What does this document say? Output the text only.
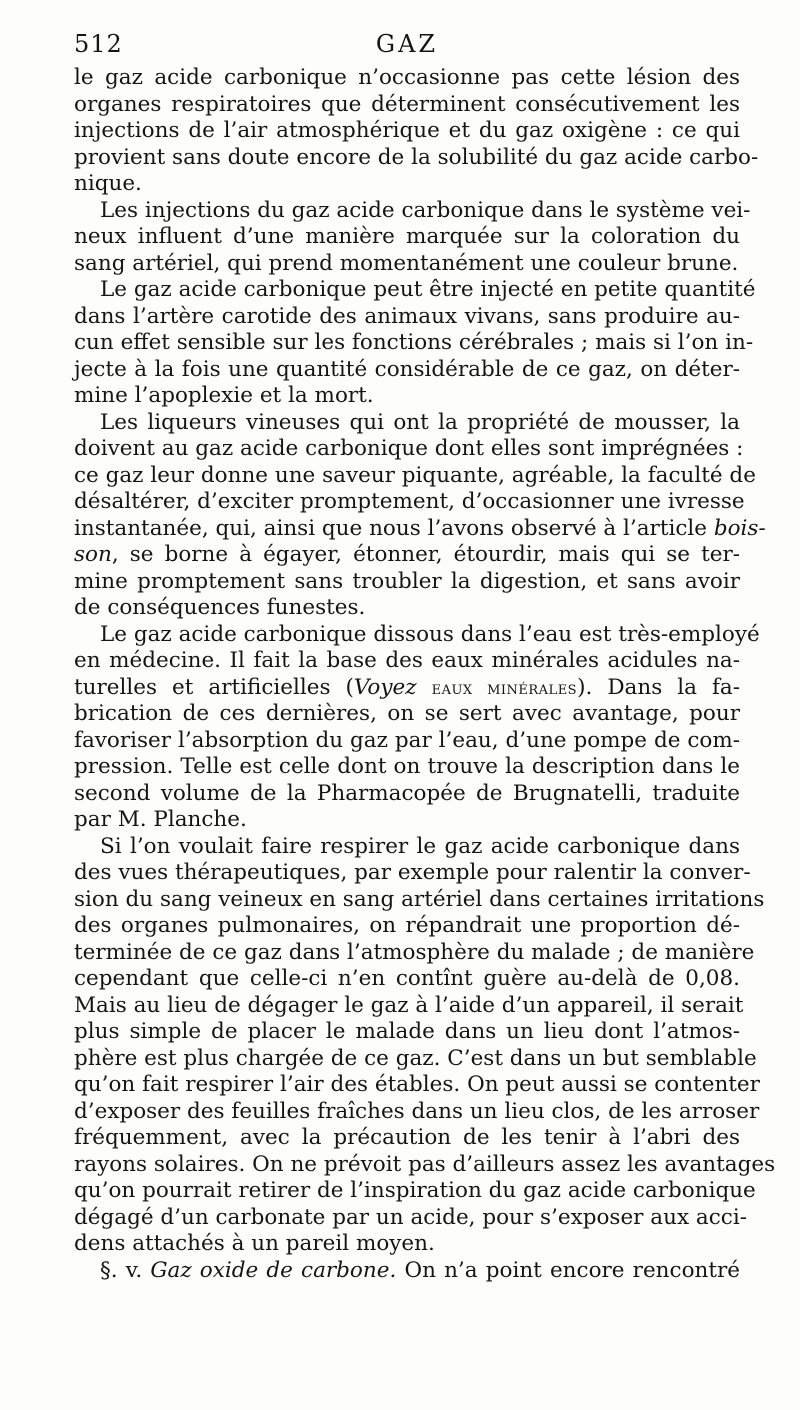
512	GAZ
le gaz acide carbonique n’occasionne pas cette lésion des
organes respiratoires que déterminent consécutivement les
injections de l’air atmosphérique et du gaz oxigène : ce qui
provient sans doute encore de la solubilité du gaz acide carbo-
nique.
Les injections du gaz acide carbonique dans le système vei-
neux influent d’une manière marquée sur la coloration du
sang artériel, qui prend momentanément une couleur brune.
Le gaz acide carbonique peut être injecté en petite quantité
dans l’artère carotide des animaux vivans, sans produire au-
cun effet sensible sur les fonctions cérébrales ; mais si l’on in-
jecte à la fois une quantité considérable de ce gaz, on déter-
mine l’apoplexie et la mort.
Les liqueurs vineuses qui ont la propriété de mousser, la
doivent au gaz acide carbonique dont elles sont imprégnées :
ce gaz leur donne une saveur piquante, agréable, la faculté de
désaltérer, d’exciter promptement, d’occasionner une ivresse
instantanée, qui, ainsi que nous l’avons observé à l’article bois-
son, se borne à égayer, étonner, étourdir, mais qui se ter-
mine promptement sans troubler la digestion, et sans avoir
de conséquences funestes.
Le gaz acide carbonique dissous dans l’eau est très-employé
en médecine. Il fait la base des eaux minérales acidules na-
turelles et artificielles (Voyez eaux minérales). Dans la fa-
brication de ces dernières, on se sert avec avantage, pour
favoriser l’absorption du gaz par l’eau, d’une pompe de com-
pression. Telle est celle dont on trouve la description dans le
second volume de la Pharmacopée de Brugnatelli, traduite
par M. Planche.
Si l’on voulait faire respirer le gaz acide carbonique dans
des vues thérapeutiques, par exemple pour ralentir la conver-
sion du sang veineux en sang artériel dans certaines irritations
des organes pulmonaires, on répandrait une proportion dé-
terminée de ce gaz dans l’atmosphère du malade ; de manière
cependant que celle-ci n’en contînt guère au-delà de 0,08.
Mais au lieu de dégager le gaz à l’aide d’un appareil, il serait
plus simple de placer le malade dans un lieu dont l’atmos-
phère est plus chargée de ce gaz. C’est dans un but semblable
qu’on fait respirer l’air des étables. On peut aussi se contenter
d’exposer des feuilles fraîches dans un lieu clos, de les arroser
fréquemment, avec la précaution de les tenir à l’abri des
rayons solaires. On ne prévoit pas d’ailleurs assez les avantages
qu’on pourrait retirer de l’inspiration du gaz acide carbonique
dégagé d’un carbonate par un acide, pour s’exposer aux acci-
dens attachés à un pareil moyen.
§. v. Gaz oxide de carbone. On n’a point encore rencontré
